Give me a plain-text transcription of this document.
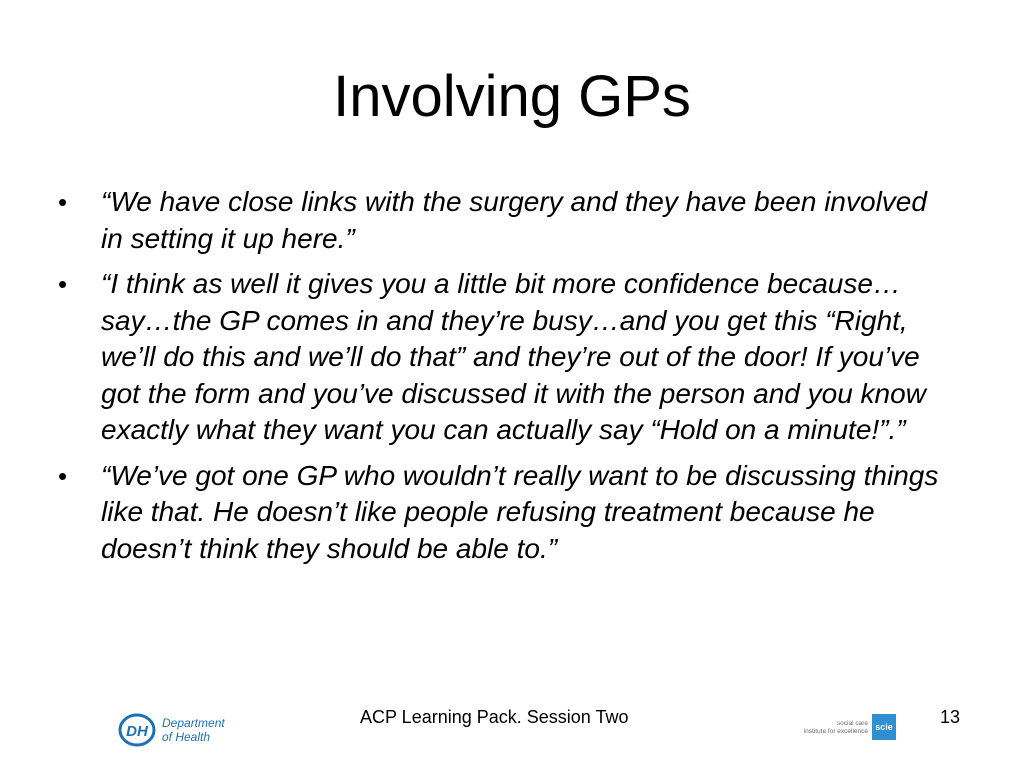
Involving GPs
• “We have close links with the surgery and they have been involved in setting it up here.”
• “I think as well it gives you a little bit more confidence because…say…the GP comes in and they’re busy…and you get this “Right, we’ll do this and we’ll do that” and they’re out of the door! If you’ve got the form and you’ve discussed it with the person and you know exactly what they want you can actually say “Hold on a minute!”.”
• “We’ve got one GP who wouldn’t really want to be discussing things like that. He doesn’t like people refusing treatment because he doesn’t think they should be able to.”
DH Department
of Health
ACP Learning Pack. Session Two	social care
institute for excellence scie	13
